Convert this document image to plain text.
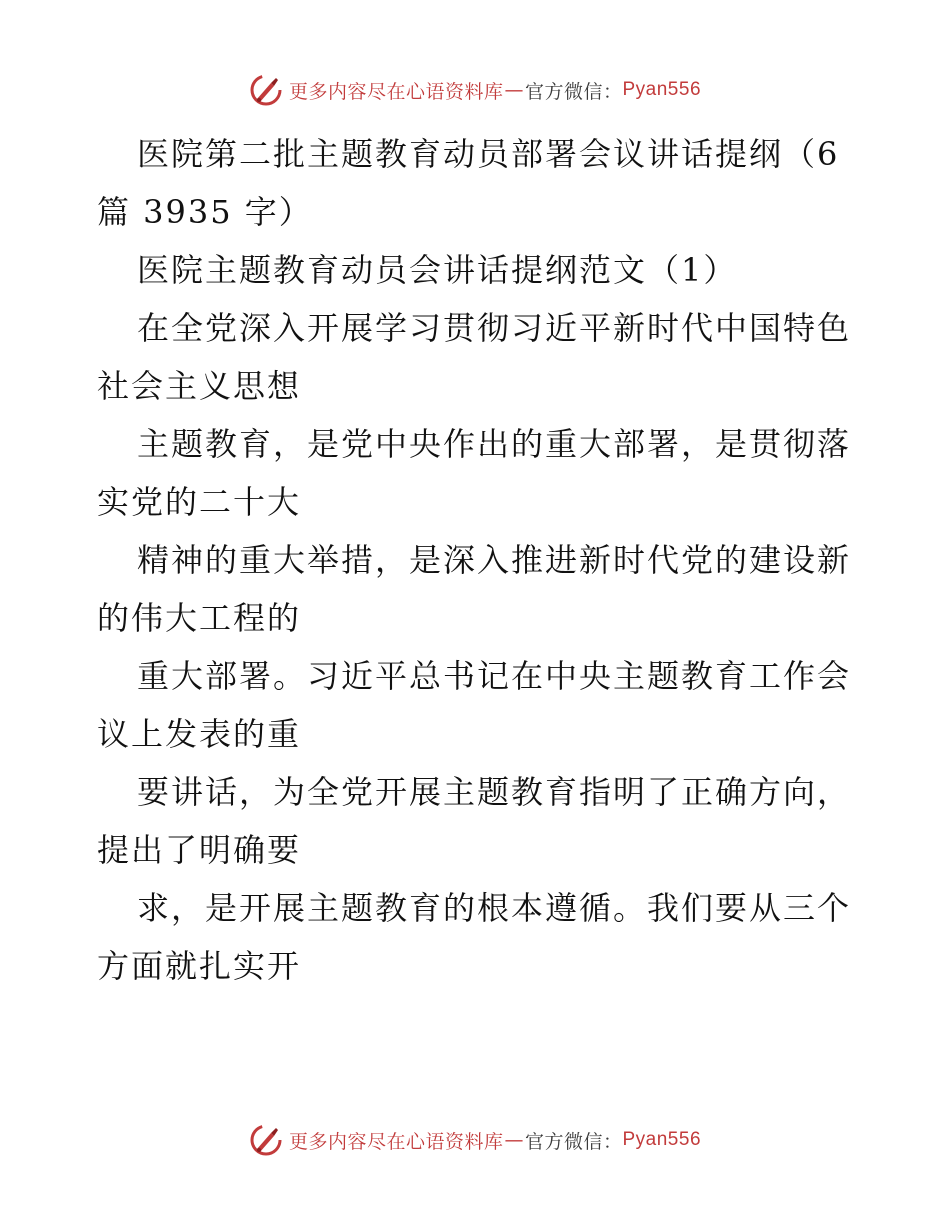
更多内容尽在心语资料库 — 官方微信： Pyan556

医院第二批主题教育动员部署会议讲话提纲（6
篇 3935 字）

医院主题教育动员会讲话提纲范文（1）

在全党深入开展学习贯彻习近平新时代中国特色
社会主义思想

主题教育，是党中央作出的重大部署，是贯彻落
实党的二十大

精神的重大举措，是深入推进新时代党的建设新
的伟大工程的

重大部署。习近平总书记在中央主题教育工作会
议上发表的重

要讲话，为全党开展主题教育指明了正确方向，
提出了明确要

求，是开展主题教育的根本遵循。我们要从三个
方面就扎实开

更多内容尽在心语资料库 — 官方微信： Pyan556
